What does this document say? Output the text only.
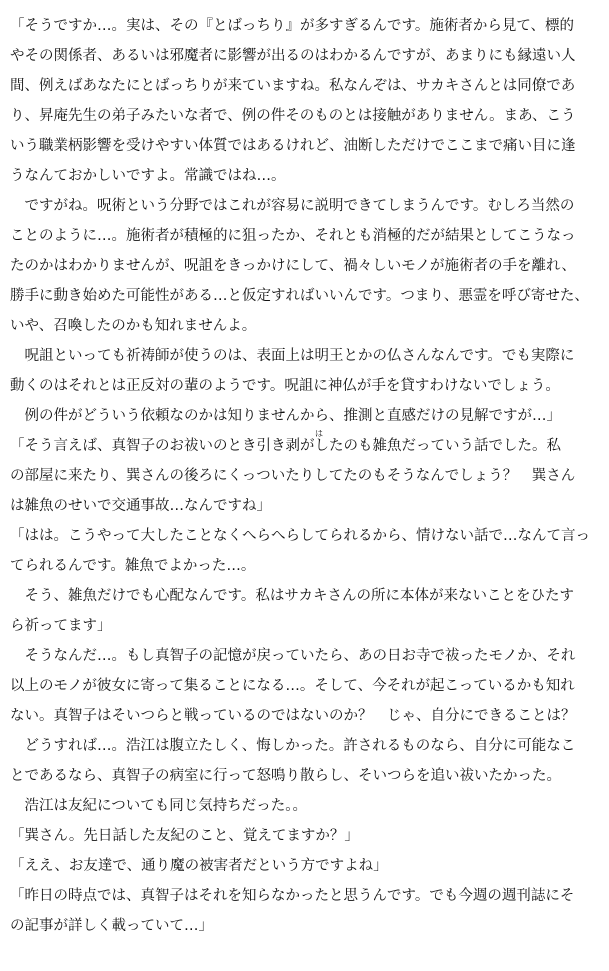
「そうですか…。実は、その『とばっちり』が多すぎるんです。施術者から見て、標的
やその関係者、あるいは邪魔者に影響が出るのはわかるんですが、あまりにも縁遠い人
間、例えばあなたにとばっちりが来ていますね。私なんぞは、サカキさんとは同僚であ
り、昇庵先生の弟子みたいな者で、例の件そのものとは接触がありません。まあ、こう
いう職業柄影響を受けやすい体質ではあるけれど、油断しただけでここまで痛い目に逢
うなんておかしいですよ。常識ではね…。
　ですがね。呪術という分野ではこれが容易に説明できてしまうんです。むしろ当然の
ことのように…。施術者が積極的に狙ったか、それとも消極的だが結果としてこうなっ
たのかはわかりませんが、呪詛をきっかけにして、禍々しいモノが施術者の手を離れ、
勝手に動き始めた可能性がある…と仮定すればいいんです。つまり、悪霊を呼び寄せた、
いや、召喚したのかも知れませんよ。
　呪詛といっても祈祷師が使うのは、表面上は明王とかの仏さんなんです。でも実際に
動くのはそれとは正反対の輩のようです。呪詛に神仏が手を貸すわけないでしょう。
　例の件がどういう依頼なのかは知りませんから、推測と直感だけの見解ですが…」
「そう言えば、真智子のお祓いのとき引き剥がしたのも雑魚だっていう話でした。私
は
の部屋に来たり、巽さんの後ろにくっついたりしてたのもそうなんでしょう？　巽さん
は雑魚のせいで交通事故…なんですね」
「はは。こうやって大したことなくへらへらしてられるから、情けない話で…なんて言っ
てられるんです。雑魚でよかった…。
　そう、雑魚だけでも心配なんです。私はサカキさんの所に本体が来ないことをひたす
ら祈ってます」
　そうなんだ…。もし真智子の記憶が戻っていたら、あの日お寺で祓ったモノか、それ
以上のモノが彼女に寄って集ることになる…。そして、今それが起こっているかも知れ
ない。真智子はそいつらと戦っているのではないのか？　じゃ、自分にできることは？
　どうすれば…。浩江は腹立たしく、悔しかった。許されるものなら、自分に可能なこ
とであるなら、真智子の病室に行って怒鳴り散らし、そいつらを追い祓いたかった。
　浩江は友紀についても同じ気持ちだった。。
「巽さん。先日話した友紀のこと、覚えてますか？」
「ええ、お友達で、通り魔の被害者だという方ですよね」
「昨日の時点では、真智子はそれを知らなかったと思うんです。でも今週の週刊誌にそ
の記事が詳しく載っていて…」
